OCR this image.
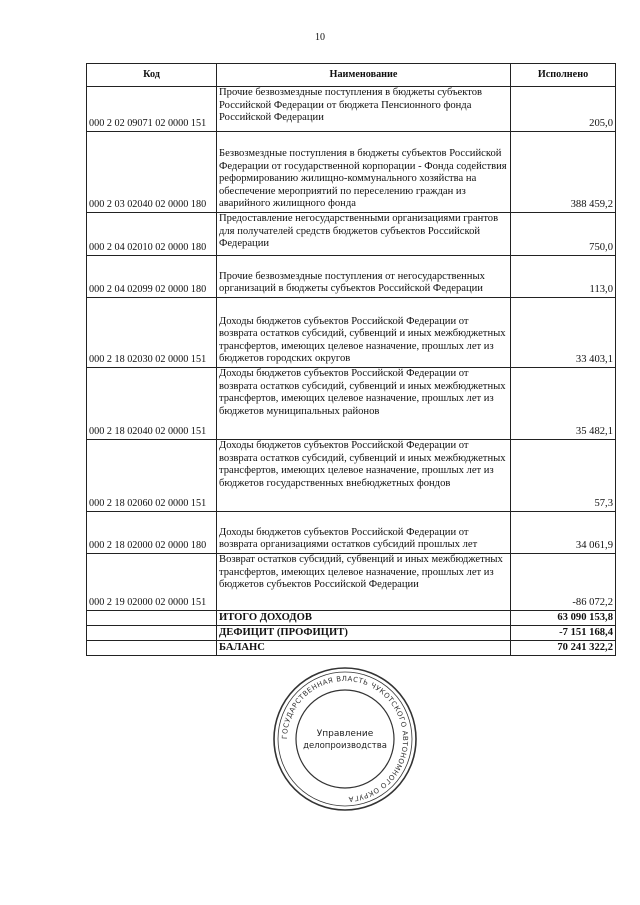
10
Код	Наименование	Исполнено
000 2 02 09071 02 0000 151	Прочие безвозмездные поступления в бюджеты субъектов Российской Федерации от бюджета Пенсионного фонда Российской Федерации	205,0
000 2 03 02040 02 0000 180	Безвозмездные поступления в бюджеты субъектов Российской Федерации от государственной корпорации - Фонда содействия реформированию жилищно-коммунального хозяйства на обеспечение мероприятий по переселению граждан из аварийного жилищного фонда	388 459,2
000 2 04 02010 02 0000 180	Предоставление негосударственными организациями грантов для получателей средств бюджетов субъектов Российской Федерации	750,0
000 2 04 02099 02 0000 180	Прочие безвозмездные поступления от негосударственных организаций в бюджеты субъектов Российской Федерации	113,0
000 2 18 02030 02 0000 151	Доходы бюджетов субъектов Российской Федерации от возврата остатков субсидий, субвенций и иных межбюджетных трансфертов, имеющих целевое назначение, прошлых лет из бюджетов городских округов	33 403,1
000 2 18 02040 02 0000 151	Доходы бюджетов субъектов Российской Федерации от возврата остатков субсидий, субвенций и иных межбюджетных трансфертов, имеющих целевое назначение, прошлых лет из бюджетов муниципальных районов	35 482,1
000 2 18 02060 02 0000 151	Доходы бюджетов субъектов Российской Федерации от возврата остатков субсидий, субвенций и иных межбюджетных трансфертов, имеющих целевое назначение, прошлых лет из бюджетов государственных внебюджетных фондов	57,3
000 2 18 02000 02 0000 180	Доходы бюджетов субъектов Российской Федерации от возврата организациями остатков субсидий прошлых лет	34 061,9
000 2 19 02000 02 0000 151	Возврат остатков субсидий, субвенций и иных межбюджетных трансфертов, имеющих целевое назначение, прошлых лет из бюджетов субъектов Российской Федерации	-86 072,2
	ИТОГО ДОХОДОВ	63 090 153,8
	ДЕФИЦИТ (ПРОФИЦИТ)	-7 151 168,4
	БАЛАНС	70 241 322,2
ГОСУДАРСТВЕННАЯ ВЛАСТЬ ЧУКОТСКОГО АВТОНОМНОГО ОКРУГА
Управление
делопроизводства
